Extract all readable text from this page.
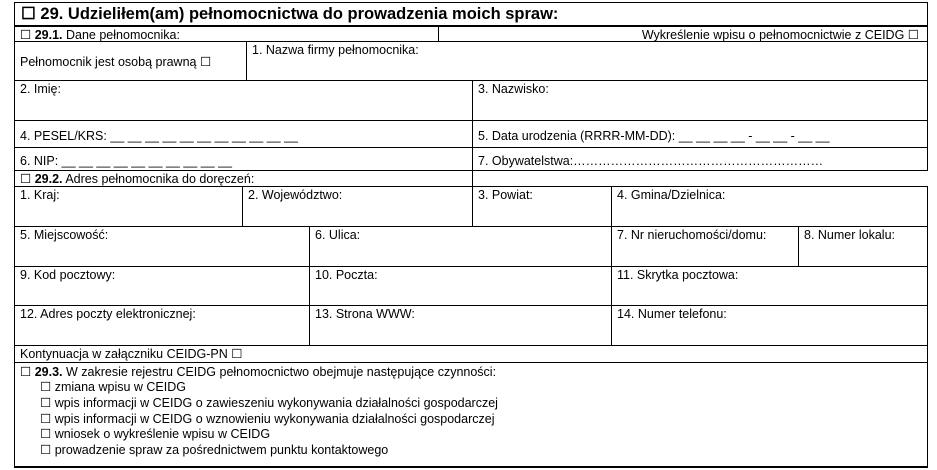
☐ 29. Udzieliłem(am) pełnomocnictwa do prowadzenia moich spraw:
☐ 29.1. Dane pełnomocnika:	Wykreślenie wpisu o pełnomocnictwie z CEIDG ☐
Pełnomocnik jest osobą prawną ☐
1. Nazwa firmy pełnomocnika:
2. Imię:	3. Nazwisko:
4. PESEL/KRS: __ __ __ __ __ __ __ __ __ __ __	5. Data urodzenia (RRRR-MM-DD): __ __ __ __ - __ __ - __ __
6. NIP: __ __ __ __ __ __ __ __ __ __	7. Obywatelstwa:……………………………………………………
☐ 29.2. Adres pełnomocnika do doręczeń:
1. Kraj:	2. Województwo:	3. Powiat:	4. Gmina/Dzielnica:
5. Miejscowość:	6. Ulica:	7. Nr nieruchomości/domu:	8. Numer lokalu:
9. Kod pocztowy:	10. Poczta:	11. Skrytka pocztowa:
12. Adres poczty elektronicznej:	13. Strona WWW:	14. Numer telefonu:
Kontynuacja w załączniku CEIDG-PN ☐
☐ 29.3. W zakresie rejestru CEIDG pełnomocnictwo obejmuje następujące czynności:
☐ zmiana wpisu w CEIDG
☐ wpis informacji w CEIDG o zawieszeniu wykonywania działalności gospodarczej
☐ wpis informacji w CEIDG o wznowieniu wykonywania działalności gospodarczej
☐ wniosek o wykreślenie wpisu w CEIDG
☐ prowadzenie spraw za pośrednictwem punktu kontaktowego
